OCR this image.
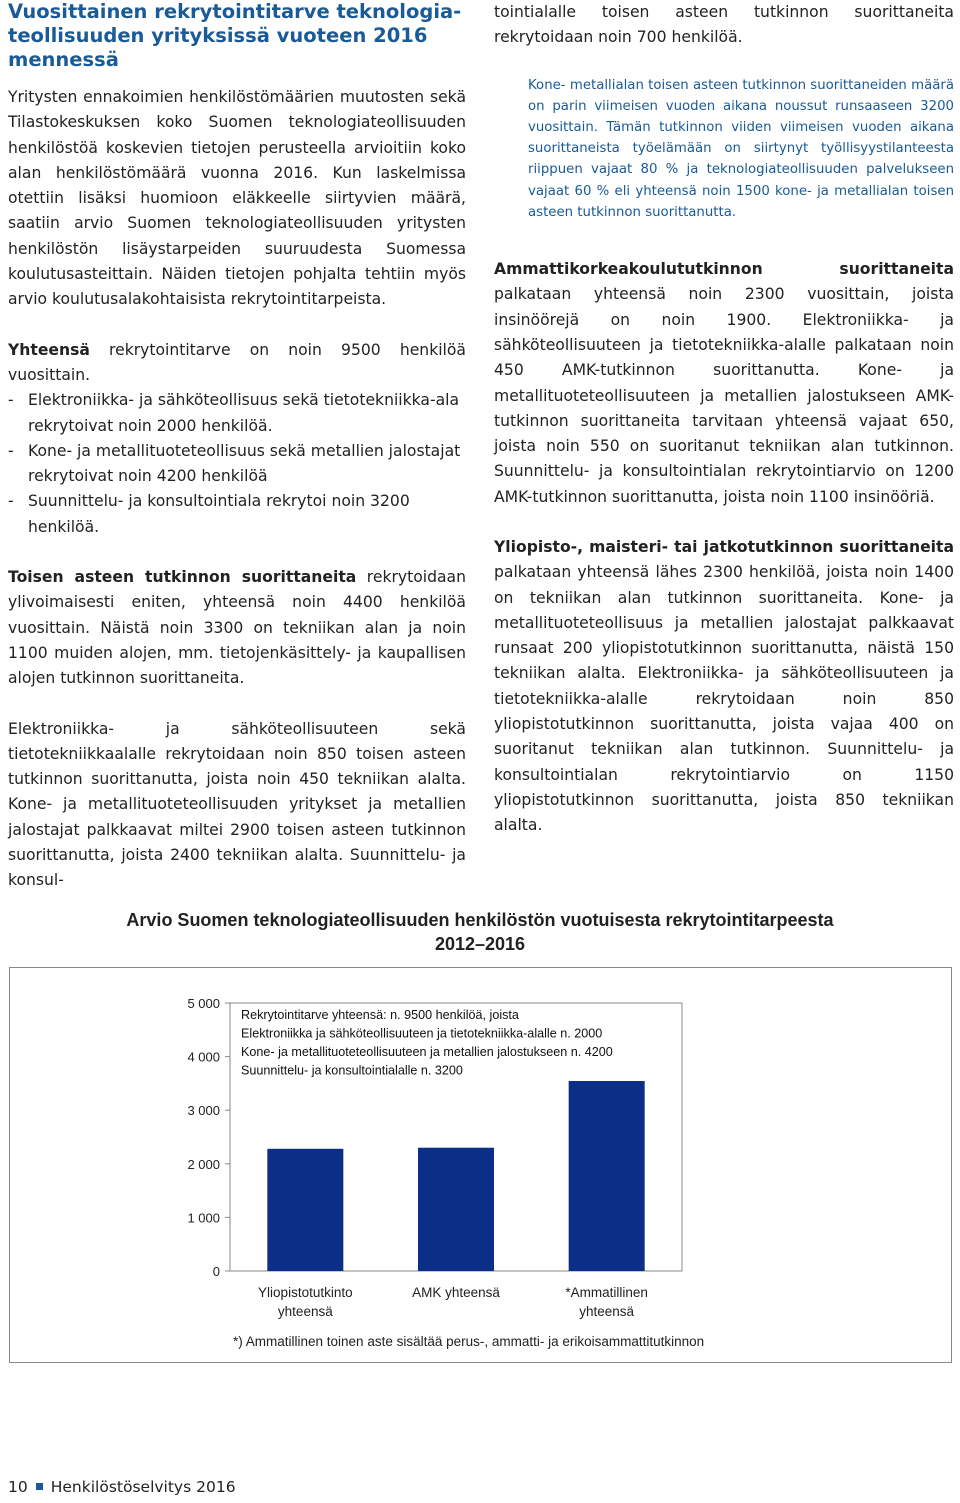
Vuosittainen rekrytointitarve teknologia-teollisuuden yrityksissä vuoteen 2016 mennessä

Yritysten ennakoimien henkilöstömäärien muutosten sekä Tilastokeskuksen koko Suomen teknologiateollisuuden henkilöstöä koskevien tietojen perusteella arvioitiin koko alan henkilöstömäärä vuonna 2016. Kun laskelmissa otettiin lisäksi huomioon eläkkeelle siirtyvien määrä, saatiin arvio Suomen teknologiateollisuuden yritysten henkilöstön lisäystarpeiden suuruudesta Suomessa koulutusasteittain. Näiden tietojen pohjalta tehtiin myös arvio koulutusalakohtaisista rekrytointitarpeista.

Yhteensä rekrytointitarve on noin 9500 henkilöä vuosittain.

- Elektroniikka- ja sähköteollisuus sekä tietotekniikka-ala rekrytoivat noin 2000 henkilöä.
- Kone- ja metallituoteteollisuus sekä metallien jalostajat rekrytoivat noin 4200 henkilöä
- Suunnittelu- ja konsultointiala rekrytoi noin 3200 henkilöä.

Toisen asteen tutkinnon suorittaneita rekrytoidaan ylivoimaisesti eniten, yhteensä noin 4400 henkilöä vuosittain. Näistä noin 3300 on tekniikan alan ja noin 1100 muiden alojen, mm. tietojenkäsittely- ja kaupallisen alojen tutkinnon suorittaneita.

Elektroniikka- ja sähköteollisuuteen sekä tietotekniikkaalalle rekrytoidaan noin 850 toisen asteen tutkinnon suorittanutta, joista noin 450 tekniikan alalta. Kone- ja metallituoteteollisuuden yritykset ja metallien jalostajat palkkaavat miltei 2900 toisen asteen tutkinnon suorittanutta, joista 2400 tekniikan alalta. Suunnittelu- ja konsul-

tointialalle toisen asteen tutkinnon suorittaneita rekrytoidaan noin 700 henkilöä.

Kone- metallialan toisen asteen tutkinnon suorittaneiden määrä on parin viimeisen vuoden aikana noussut runsaaseen 3200 vuosittain. Tämän tutkinnon viiden viimeisen vuoden aikana suorittaneista työelämään on siirtynyt työllisyystilanteesta riippuen vajaat 80 % ja teknologiateollisuuden palvelukseen vajaat 60 % eli yhteensä noin 1500 kone- ja metallialan toisen asteen tutkinnon suorittanutta.

Ammattikorkeakoulututkinnon suorittaneita palkataan yhteensä noin 2300 vuosittain, joista insinöörejä on noin 1900. Elektroniikka- ja sähköteollisuuteen ja tietotekniikka-alalle palkataan noin 450 AMK-tutkinnon suorittanutta. Kone- ja metallituoteteollisuuteen ja metallien jalostukseen AMK-tutkinnon suorittaneita tarvitaan yhteensä vajaat 650, joista noin 550 on suoritanut tekniikan alan tutkinnon. Suunnittelu- ja konsultointialan rekrytointiarvio on 1200 AMK-tutkinnon suorittanutta, joista noin 1100 insinööriä.

Yliopisto-, maisteri- tai jatkotutkinnon suorittaneita palkataan yhteensä lähes 2300 henkilöä, joista noin 1400 on tekniikan alan tutkinnon suorittaneita. Kone- ja metallituoteteollisuus ja metallien jalostajat palkkaavat runsaat 200 yliopistotutkinnon suorittanutta, näistä 150 tekniikan alalta. Elektroniikka- ja sähköteollisuuteen ja tietotekniikka-alalle rekrytoidaan noin 850 yliopistotutkinnon suorittanutta, joista vajaa 400 on suoritanut tekniikan alan tutkinnon. Suunnittelu- ja konsultointialan rekrytointiarvio on 1150 yliopistotutkinnon suorittanutta, joista 850 tekniikan alalta.

Arvio Suomen teknologiateollisuuden henkilöstön vuotuisesta rekrytointitarpeesta 2012–2016
0
1 000
2 000
3 000
4 000
5 000
Yliopistotutkinto
yhteensä
AMK yhteensä	*Ammatillinen
yhteensä
Rekrytointitarve yhteensä: n. 9500 henkilöä, joista
Elektroniikka ja sähköteollisuuteen ja tietotekniikka-alalle n. 2000
Kone- ja metallituoteteollisuuteen ja metallien jalostukseen n. 4200
Suunnittelu- ja konsultointialalle n. 3200
*) Ammatillinen toinen aste sisältää perus-, ammatti- ja erikoisammattitutkinnon
10 Henkilöstöselvitys 2016
